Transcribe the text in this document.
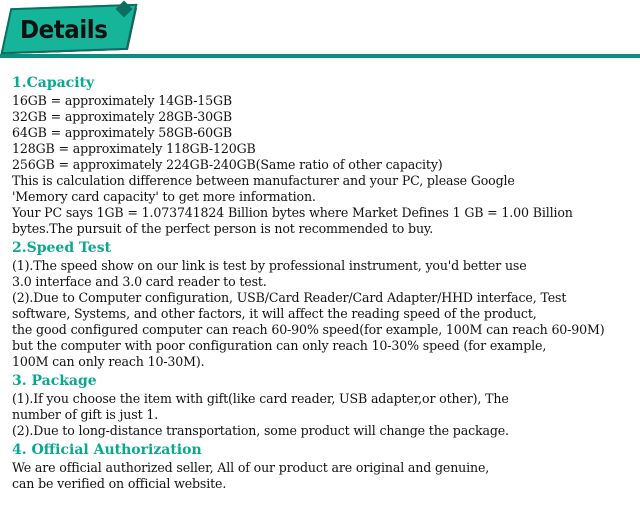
Details
1.Capacity
16GB = approximately 14GB-15GB
32GB = approximately 28GB-30GB
64GB = approximately 58GB-60GB
128GB = approximately 118GB-120GB
256GB = approximately 224GB-240GB(Same ratio of other capacity)
This is calculation difference between manufacturer and your PC, please Google
'Memory card capacity' to get more information.
Your PC says 1GB = 1.073741824 Billion bytes where Market Defines 1 GB = 1.00 Billion
bytes.The pursuit of the perfect person is not recommended to buy.
2.Speed Test
(1).The speed show on our link is test by professional instrument, you'd better use
3.0 interface and 3.0 card reader to test.
(2).Due to Computer configuration, USB/Card Reader/Card Adapter/HHD interface, Test
software, Systems, and other factors, it will affect the reading speed of the product,
the good configured computer can reach 60-90% speed(for example, 100M can reach 60-90M)
but the computer with poor configuration can only reach 10-30% speed (for example,
100M can only reach 10-30M).
3. Package
(1).If you choose the item with gift(like card reader, USB adapter,or other), The
number of gift is just 1.
(2).Due to long-distance transportation, some product will change the package.
4. Official Authorization
We are official authorized seller, All of our product are original and genuine,
can be verified on official website.
